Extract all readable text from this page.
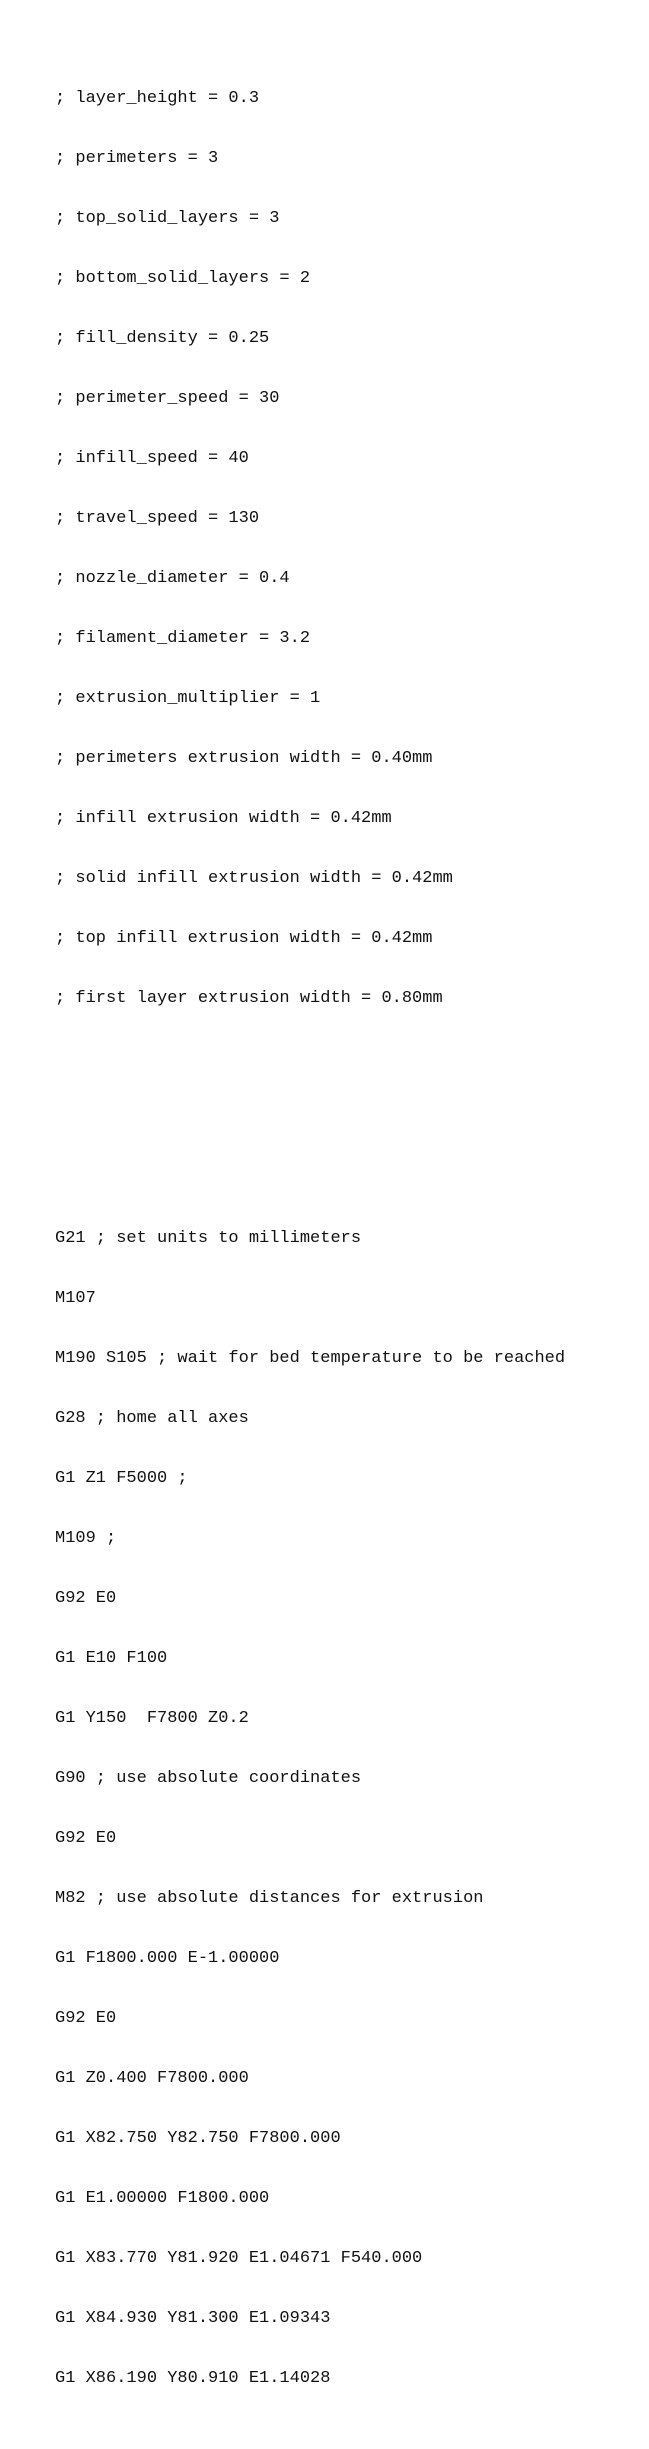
; layer_height = 0.3

; perimeters = 3

; top_solid_layers = 3

; bottom_solid_layers = 2

; fill_density = 0.25

; perimeter_speed = 30

; infill_speed = 40

; travel_speed = 130

; nozzle_diameter = 0.4

; filament_diameter = 3.2

; extrusion_multiplier = 1

; perimeters extrusion width = 0.40mm

; infill extrusion width = 0.42mm

; solid infill extrusion width = 0.42mm

; top infill extrusion width = 0.42mm

; first layer extrusion width = 0.80mm

G21 ; set units to millimeters

M107

M190 S105 ; wait for bed temperature to be reached

G28 ; home all axes

G1 Z1 F5000 ;

M109 ;

G92 E0

G1 E10 F100

G1 Y150  F7800 Z0.2

G90 ; use absolute coordinates

G92 E0

M82 ; use absolute distances for extrusion

G1 F1800.000 E-1.00000

G92 E0

G1 Z0.400 F7800.000

G1 X82.750 Y82.750 F7800.000

G1 E1.00000 F1800.000

G1 X83.770 Y81.920 E1.04671 F540.000

G1 X84.930 Y81.300 E1.09343

G1 X86.190 Y80.910 E1.14028
